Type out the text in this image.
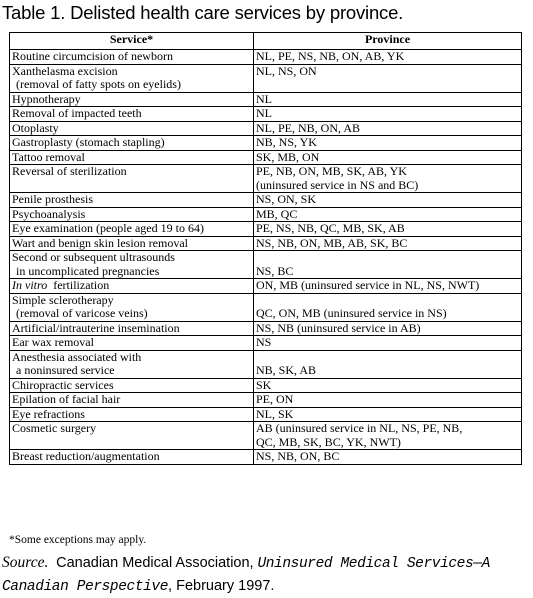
Table 1. Delisted health care services by province.
Service*	Province

Routine circumcision of newborn	NL, PE, NS, NB, ON, AB, YK

Xanthelasma excision
(removal of fatty spots on eyelids)	NL, NS, ON

Hypnotherapy	NL

Removal of impacted teeth	NL

Otoplasty	NL, PE, NB, ON, AB

Gastroplasty (stomach stapling)	NB, NS, YK

Tattoo removal	SK, MB, ON

Reversal of sterilization	PE, NB, ON, MB, SK, AB, YK
(uninsured service in NS and BC)

Penile prosthesis	NS, ON, SK

Psychoanalysis	MB, QC

Eye examination (people aged 19 to 64)	PE, NS, NB, QC, MB, SK, AB

Wart and benign skin lesion removal	NS, NB, ON, MB, AB, SK, BC

Second or subsequent ultrasounds
in uncomplicated pregnancies	NS, BC

In vitro fertilization	ON, MB (uninsured service in NL, NS, NWT)

Simple sclerotherapy
(removal of varicose veins)	QC, ON, MB (uninsured service in NS)

Artificial/intrauterine insemination	NS, NB (uninsured service in AB)

Ear wax removal	NS

Anesthesia associated with
a noninsured service	NB, SK, AB

Chiropractic services	SK

Epilation of facial hair	PE, ON

Eye refractions	NL, SK

Cosmetic surgery	AB (uninsured service in NL, NS, PE, NB,
QC, MB, SK, BC, YK, NWT)

Breast reduction/augmentation	NS, NB, ON, BC
*Some exceptions may apply.
Source. Canadian Medical Association, Uninsured Medical Services—A Canadian Perspective, February 1997.
